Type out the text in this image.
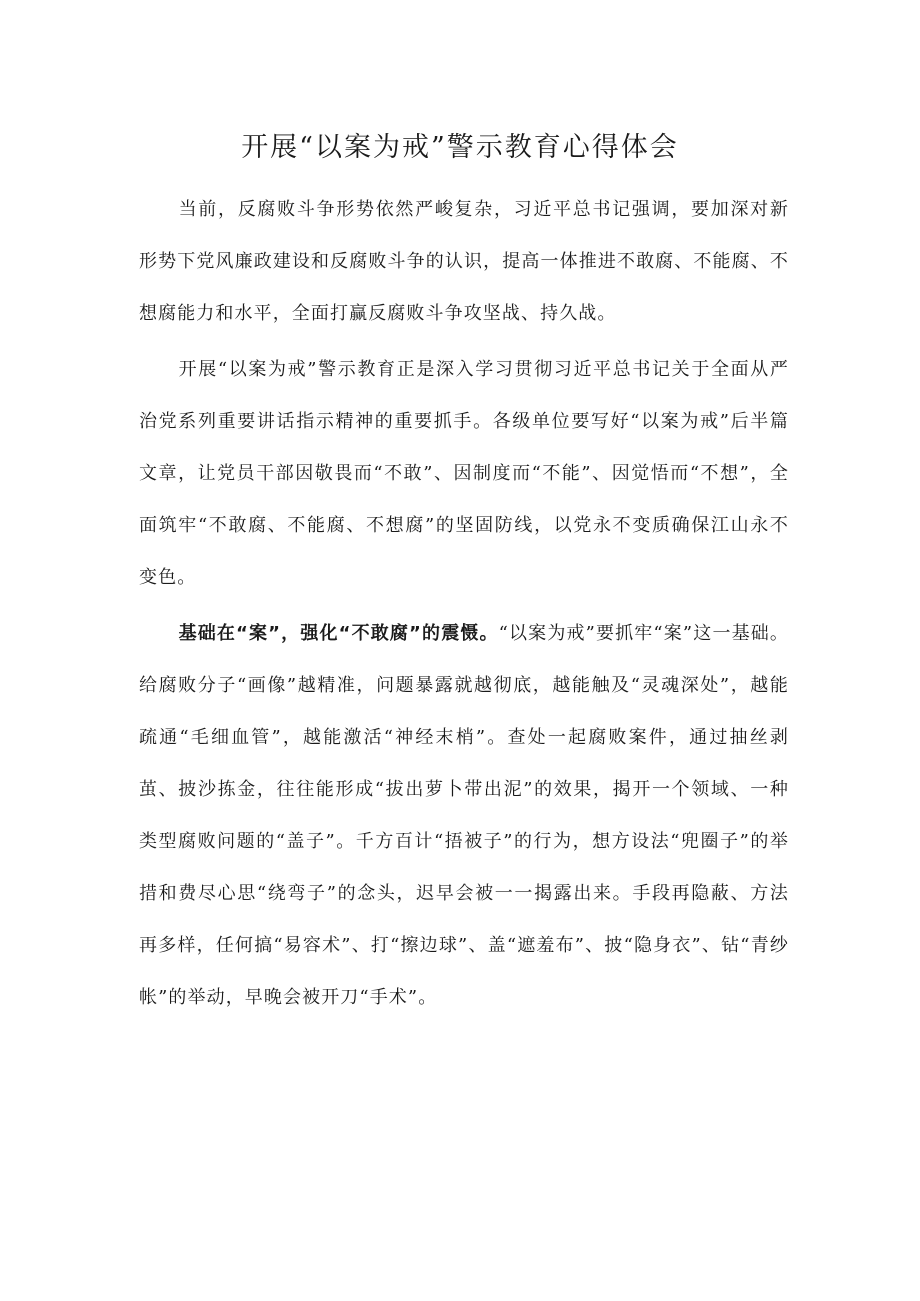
开展“以案为戒”警示教育心得体会

当前，反腐败斗争形势依然严峻复杂，习近平总书记强调，要加深对新形势下党风廉政建设和反腐败斗争的认识，提高一体推进不敢腐、不能腐、不想腐能力和水平，全面打赢反腐败斗争攻坚战、持久战。

开展“以案为戒”警示教育正是深入学习贯彻习近平总书记关于全面从严治党系列重要讲话指示精神的重要抓手。各级单位要写好“以案为戒”后半篇文章，让党员干部因敬畏而“不敢”、因制度而“不能”、因觉悟而“不想”，全面筑牢“不敢腐、不能腐、不想腐”的坚固防线，以党永不变质确保江山永不变色。

基础在“案”，强化“不敢腐”的震慑。“以案为戒”要抓牢“案”这一基础。给腐败分子“画像”越精准，问题暴露就越彻底，越能触及“灵魂深处”，越能疏通“毛细血管”，越能激活“神经末梢”。查处一起腐败案件，通过抽丝剥茧、披沙拣金，往往能形成“拔出萝卜带出泥”的效果，揭开一个领域、一种类型腐败问题的“盖子”。千方百计“捂被子”的行为，想方设法“兜圈子”的举措和费尽心思“绕弯子”的念头，迟早会被一一揭露出来。手段再隐蔽、方法再多样，任何搞“易容术”、打“擦边球”、盖“遮羞布”、披“隐身衣”、钻“青纱帐”的举动，早晚会被开刀“手术”。
